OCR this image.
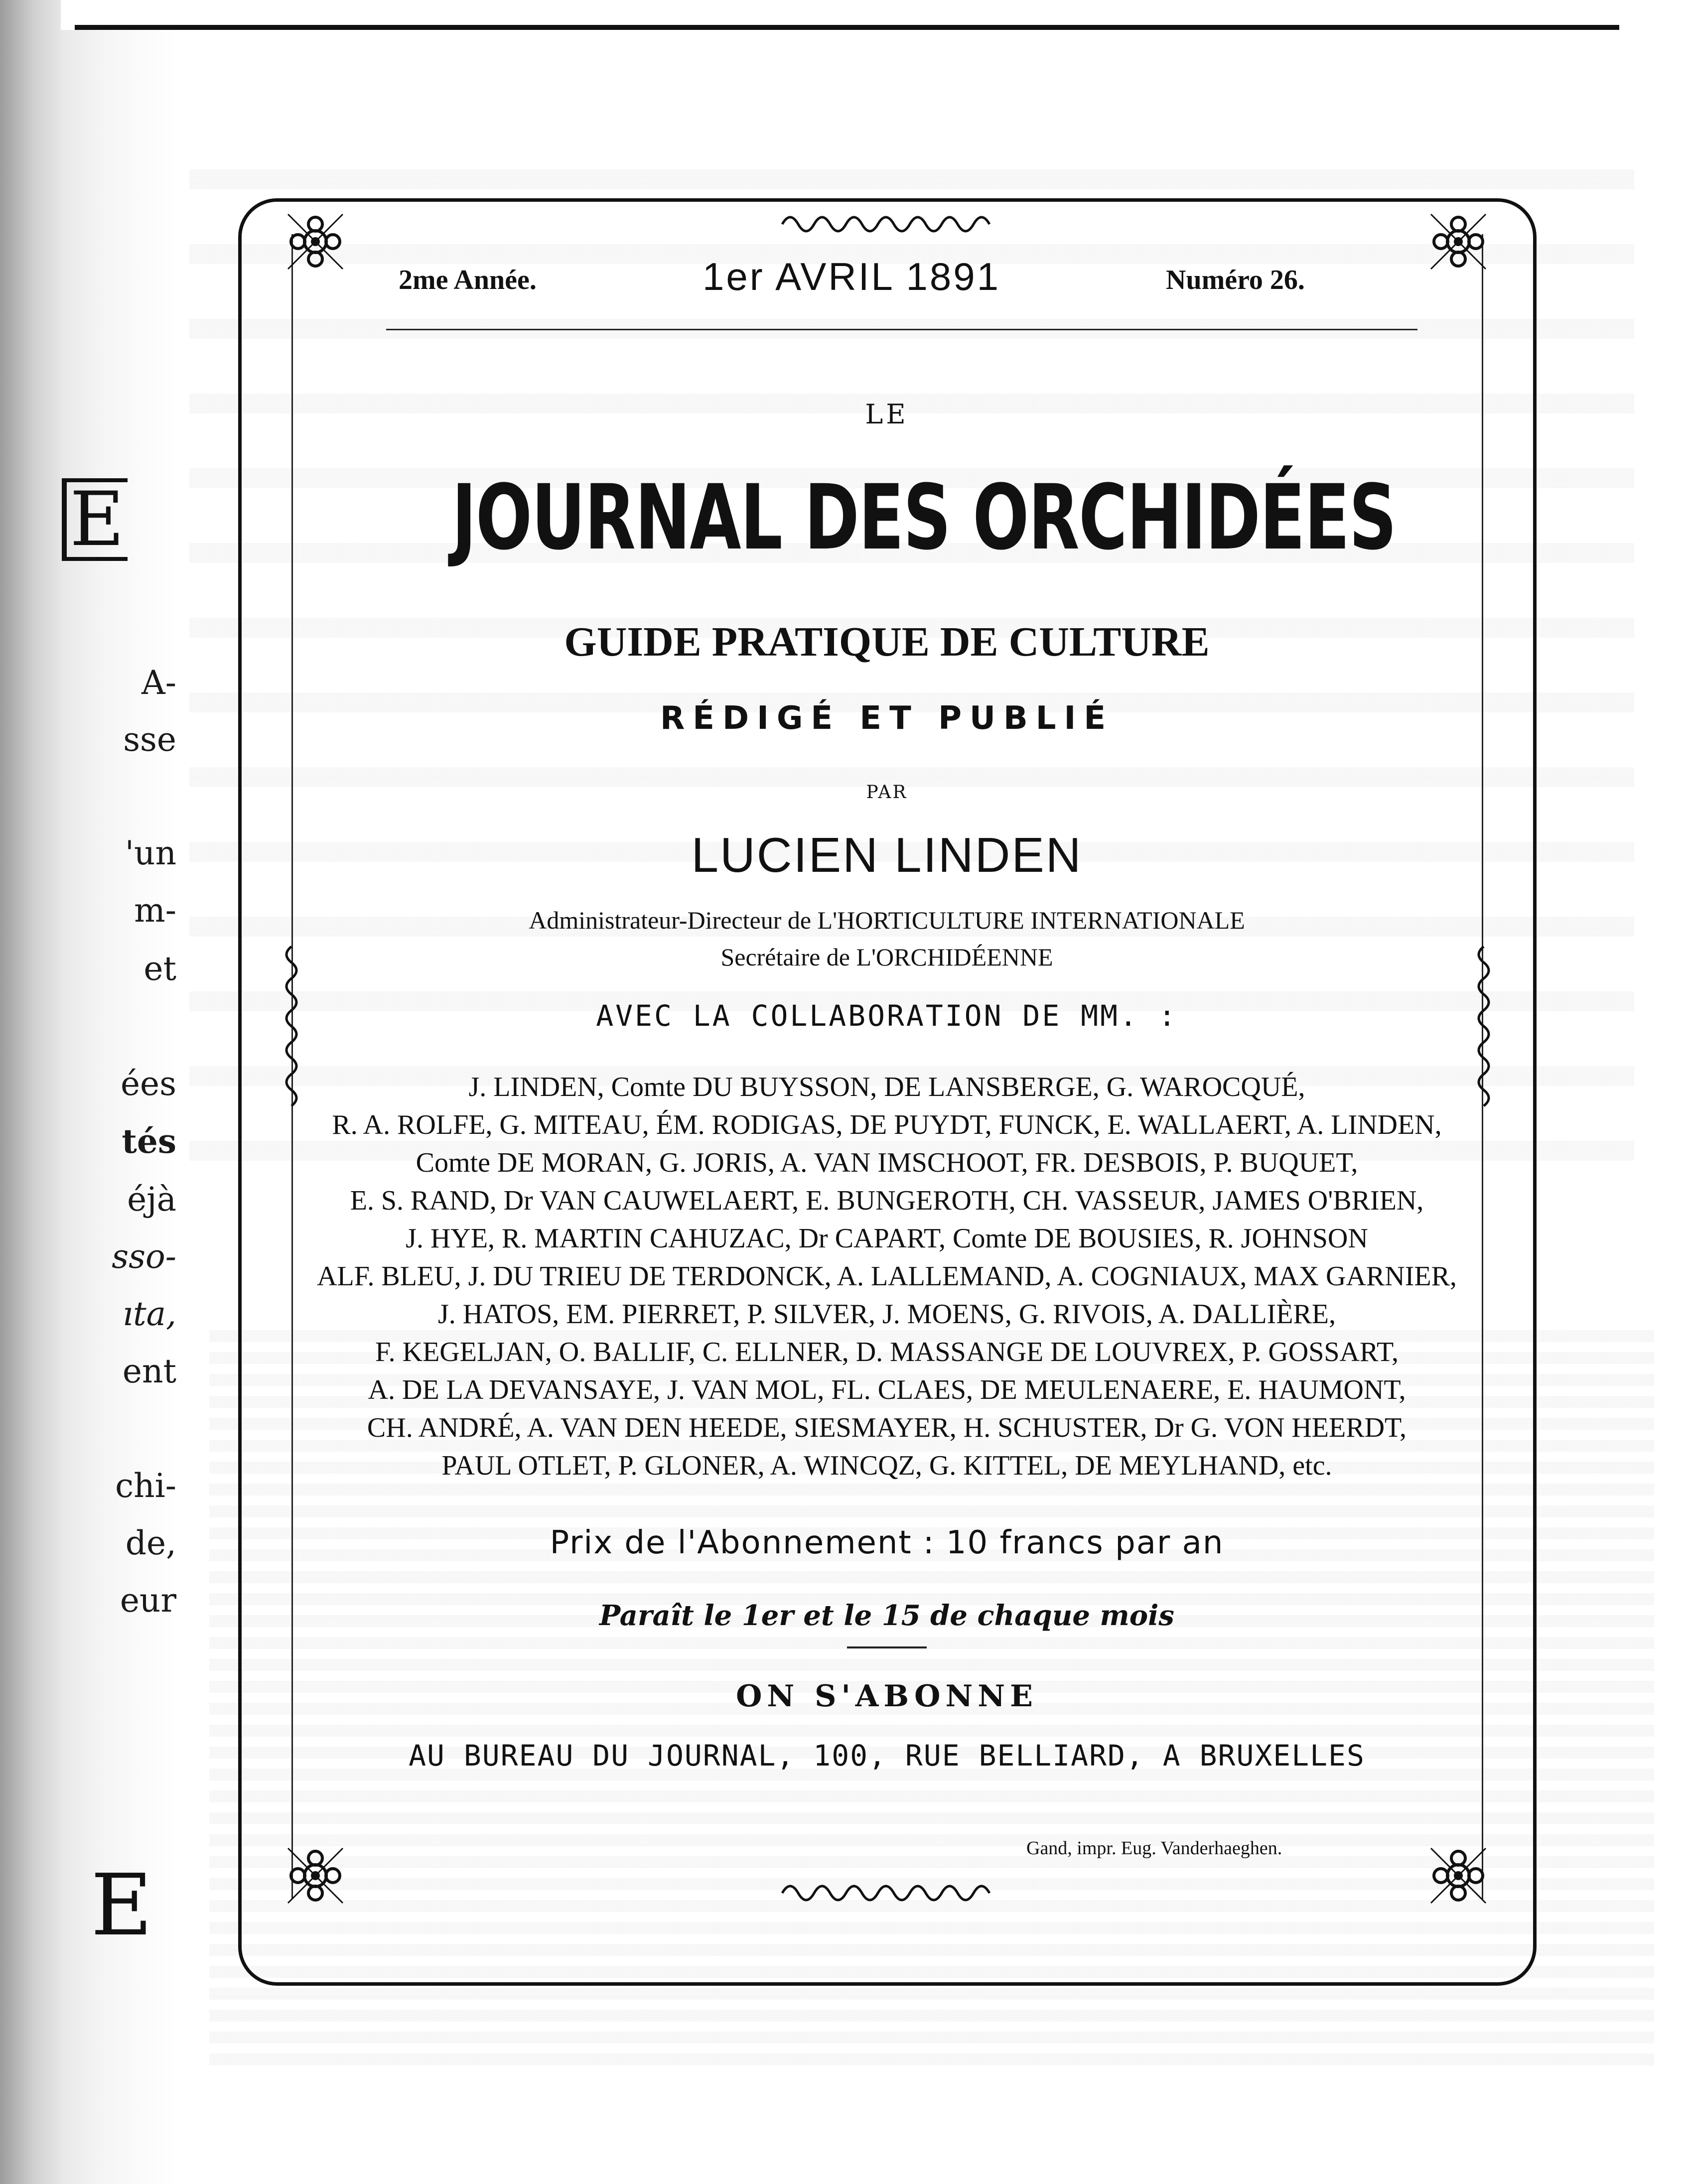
E
A-
sse
'un
m-
et
ées
tés
éjà
sso-
ıta,
ent
chi-
de,
eur
E
2me Année.	1er AVRIL 1891	Numéro 26.
LE
JOURNAL DES ORCHIDÉES
GUIDE PRATIQUE DE CULTURE
RÉDIGÉ ET PUBLIÉ
PAR
LUCIEN LINDEN
Administrateur-Directeur de L'HORTICULTURE INTERNATIONALE
Secrétaire de L'ORCHIDÉENNE
AVEC LA COLLABORATION DE MM. :
J. LINDEN, Comte DU BUYSSON, DE LANSBERGE, G. WAROCQUÉ,
R. A. ROLFE, G. MITEAU, ÉM. RODIGAS, DE PUYDT, FUNCK, E. WALLAERT, A. LINDEN,
Comte DE MORAN, G. JORIS, A. VAN IMSCHOOT, FR. DESBOIS, P. BUQUET,
E. S. RAND, Dr VAN CAUWELAERT, E. BUNGEROTH, CH. VASSEUR, JAMES O'BRIEN,
J. HYE, R. MARTIN CAHUZAC, Dr CAPART, Comte DE BOUSIES, R. JOHNSON
ALF. BLEU, J. DU TRIEU DE TERDONCK, A. LALLEMAND, A. COGNIAUX, MAX GARNIER,
J. HATOS, EM. PIERRET, P. SILVER, J. MOENS, G. RIVOIS, A. DALLIÈRE,
F. KEGELJAN, O. BALLIF, C. ELLNER, D. MASSANGE DE LOUVREX, P. GOSSART,
A. DE LA DEVANSAYE, J. VAN MOL, FL. CLAES, DE MEULENAERE, E. HAUMONT,
CH. ANDRÉ, A. VAN DEN HEEDE, SIESMAYER, H. SCHUSTER, Dr G. VON HEERDT,
PAUL OTLET, P. GLONER, A. WINCQZ, G. KITTEL, DE MEYLHAND, etc.
Prix de l'Abonnement : 10 francs par an
Paraît le 1er et le 15 de chaque mois
ON S'ABONNE
AU BUREAU DU JOURNAL, 100, RUE BELLIARD, A BRUXELLES
Gand, impr. Eug. Vanderhaeghen.
